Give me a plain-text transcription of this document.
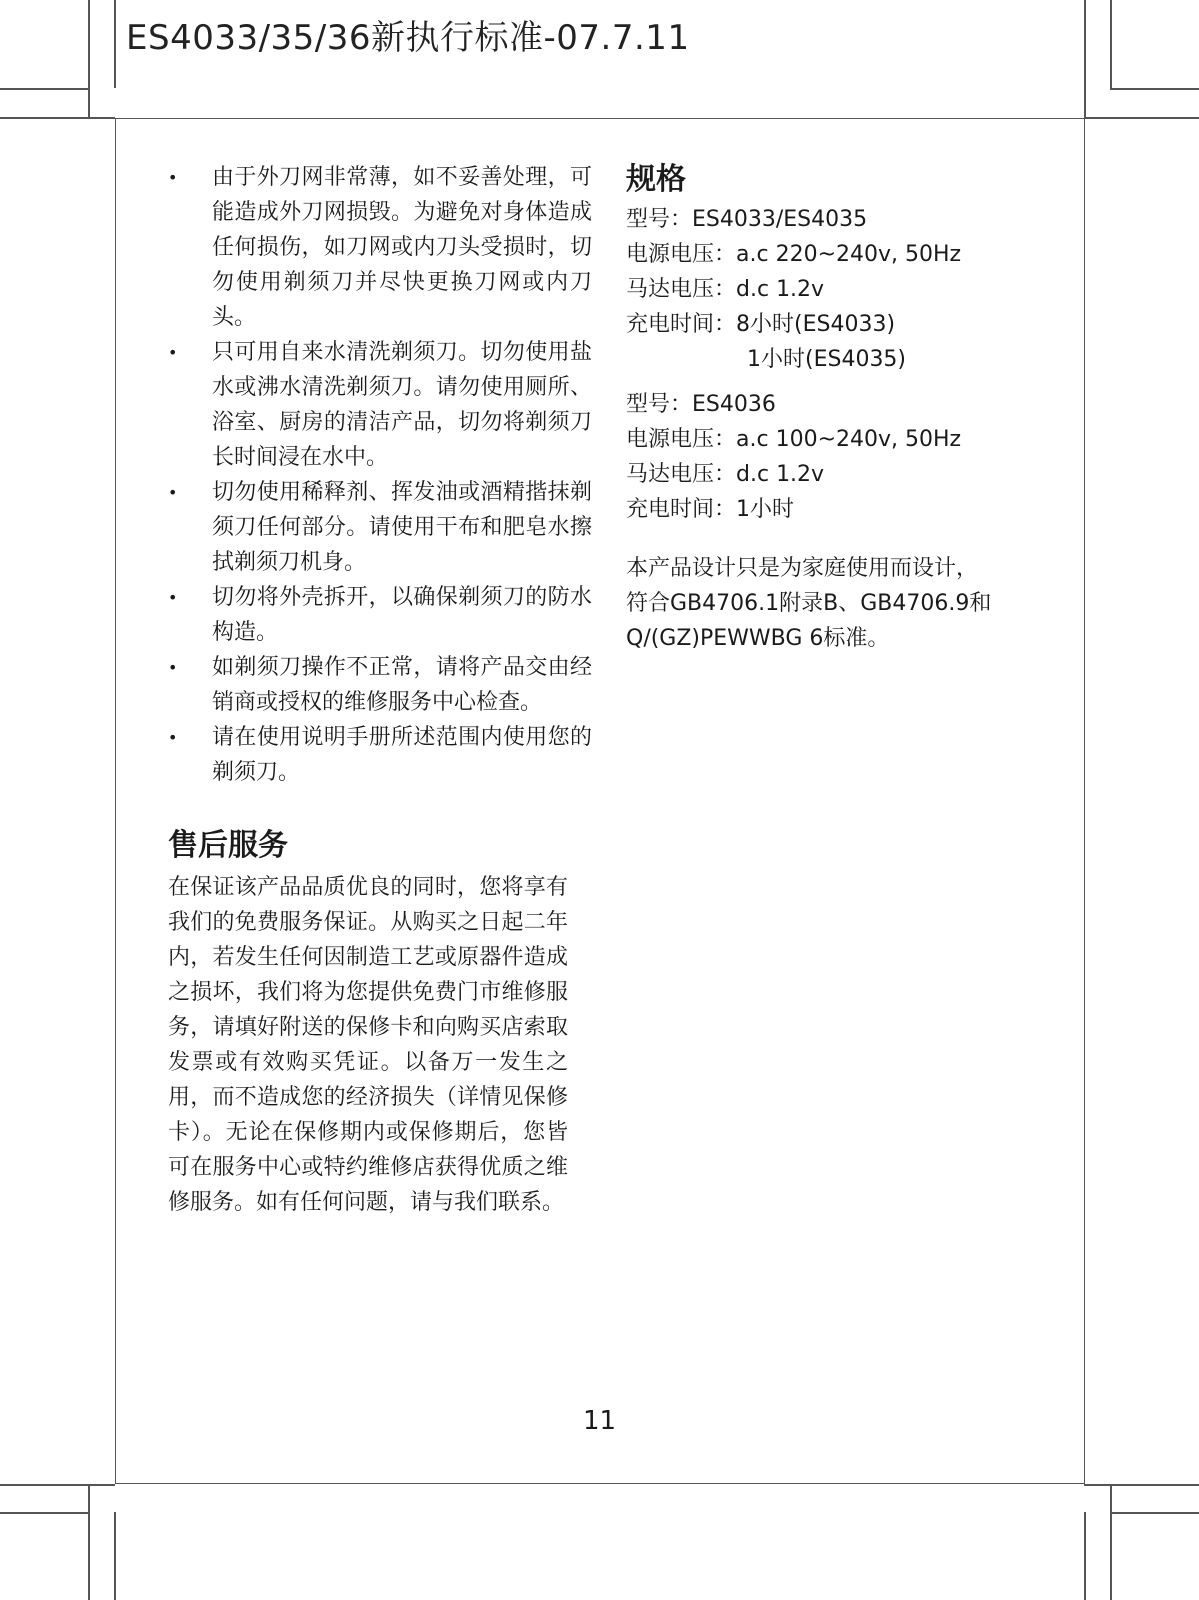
ES4033/35/36新执行标准-07.7.11
• 由于外刀网非常薄，如不妥善处理，可能造成外刀网损毁。为避免对身体造成任何损伤，如刀网或内刀头受损时，切勿使用剃须刀并尽快更换刀网或内刀头。
• 只可用自来水清洗剃须刀。切勿使用盐水或沸水清洗剃须刀。请勿使用厕所、浴室、厨房的清洁产品，切勿将剃须刀长时间浸在水中。
• 切勿使用稀释剂、挥发油或酒精揩抹剃须刀任何部分。请使用干布和肥皂水擦拭剃须刀机身。
• 切勿将外壳拆开，以确保剃须刀的防水构造。
• 如剃须刀操作不正常，请将产品交由经销商或授权的维修服务中心检查。
• 请在使用说明手册所述范围内使用您的剃须刀。
售后服务
在保证该产品品质优良的同时，您将享有我们的免费服务保证。从购买之日起二年内，若发生任何因制造工艺或原器件造成之损坏，我们将为您提供免费门市维修服务，请填好附送的保修卡和向购买店索取发票或有效购买凭证。以备万一发生之用，而不造成您的经济损失（详情见保修卡）。无论在保修期内或保修期后，您皆可在服务中心或特约维修店获得优质之维修服务。如有任何问题，请与我们联系。
规格
型号： ES4033/ES4035
电源电压： a.c 220~240v, 50Hz
马达电压： d.c 1.2v
充电时间： 8小时(ES4033)
1小时(ES4035)
型号： ES4036
电源电压： a.c 100~240v, 50Hz
马达电压： d.c 1.2v
充电时间： 1小时
本产品设计只是为家庭使用而设计，
符合GB4706.1附录B、GB4706.9和
Q/(GZ)PEWWBG 6标准。
11
